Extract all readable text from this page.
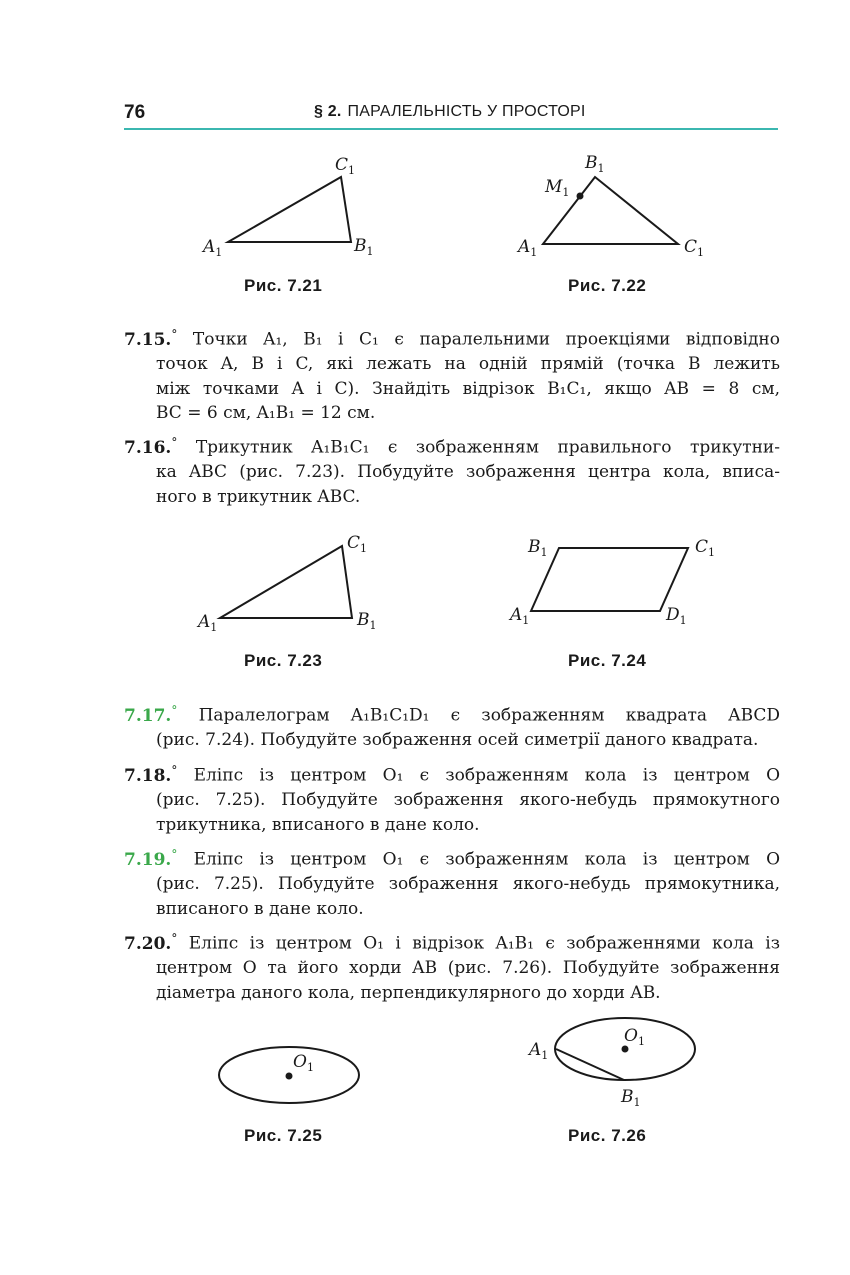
76	§ 2. ПАРАЛЕЛЬНІСТЬ У ПРОСТОРІ
$A_1$	$B_1$
$C_1$
Рис. 7.21
$A_1$
$B_1$
$C_1$
$M_1$
Рис. 7.22
7.15.° Точки A₁, B₁ і C₁ є паралельними проекціями відповідно
точок A, B і C, які лежать на одній прямій (точка B лежить
між точками A і C). Знайдіть відрізок B₁C₁, якщо AB = 8 см,
BC = 6 см, A₁B₁ = 12 см.
7.16.° Трикутник A₁B₁C₁ є зображенням правильного трикутни-
ка ABC (рис. 7.23). Побудуйте зображення центра кола, вписа-
ного в трикутник ABC.
$A_1$	$B_1$
$C_1$
Рис. 7.23
$A_1$
$B_1$	$C_1$
$D_1$
Рис. 7.24
7.17.° Паралелограм A₁B₁C₁D₁ є зображенням квадрата ABCD
(рис. 7.24). Побудуйте зображення осей симетрії даного квадрата.
7.18.° Еліпс із центром O₁ є зображенням кола із центром O
(рис. 7.25). Побудуйте зображення якого-небудь прямокутного
трикутника, вписаного в дане коло.
7.19.° Еліпс із центром O₁ є зображенням кола із центром O
(рис. 7.25). Побудуйте зображення якого-небудь прямокутника,
вписаного в дане коло.
7.20.° Еліпс із центром O₁ і відрізок A₁B₁ є зображеннями кола із
центром O та його хорди AB (рис. 7.26). Побудуйте зображення
діаметра даного кола, перпендикулярного до хорди AB.
$O_1$
Рис. 7.25
$O_1$
$A_1$
$B_1$
Рис. 7.26
